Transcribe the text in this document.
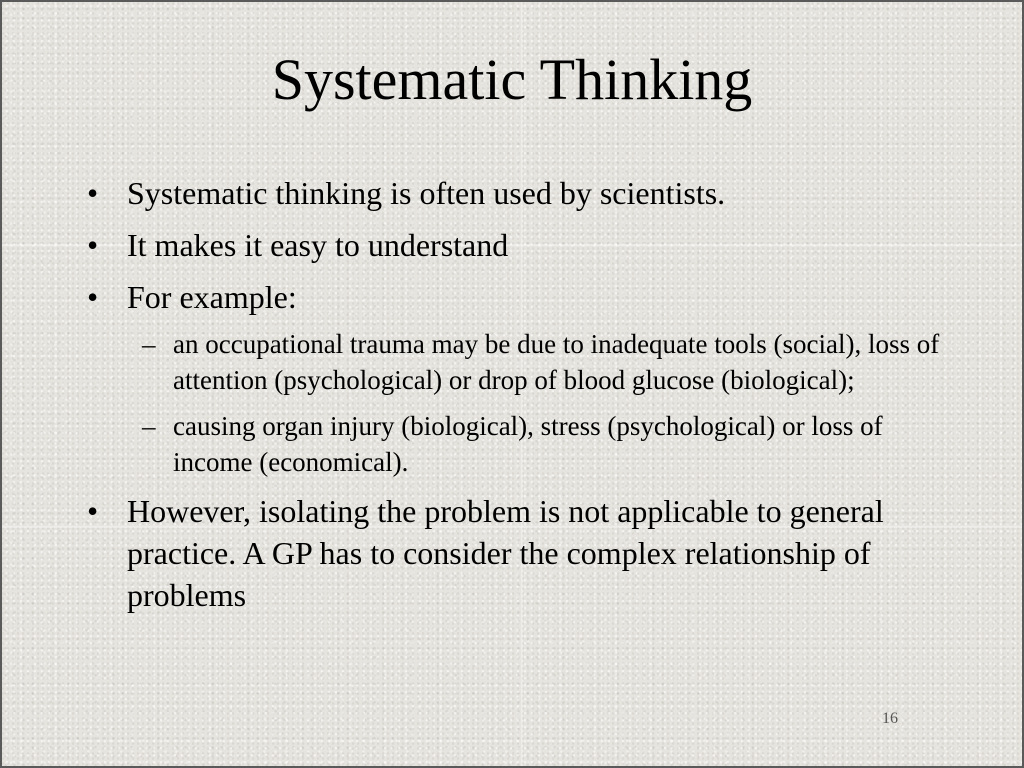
Systematic Thinking
• Systematic thinking is often used by scientists.
• It makes it easy to understand
• For example:
– an occupational trauma may be due to inadequate tools (social), loss of attention (psychological) or drop of blood glucose (biological);
– causing organ injury (biological), stress (psychological) or loss of income (economical).
• However, isolating the problem is not applicable to general practice. A GP has to consider the complex relationship of problems
16
